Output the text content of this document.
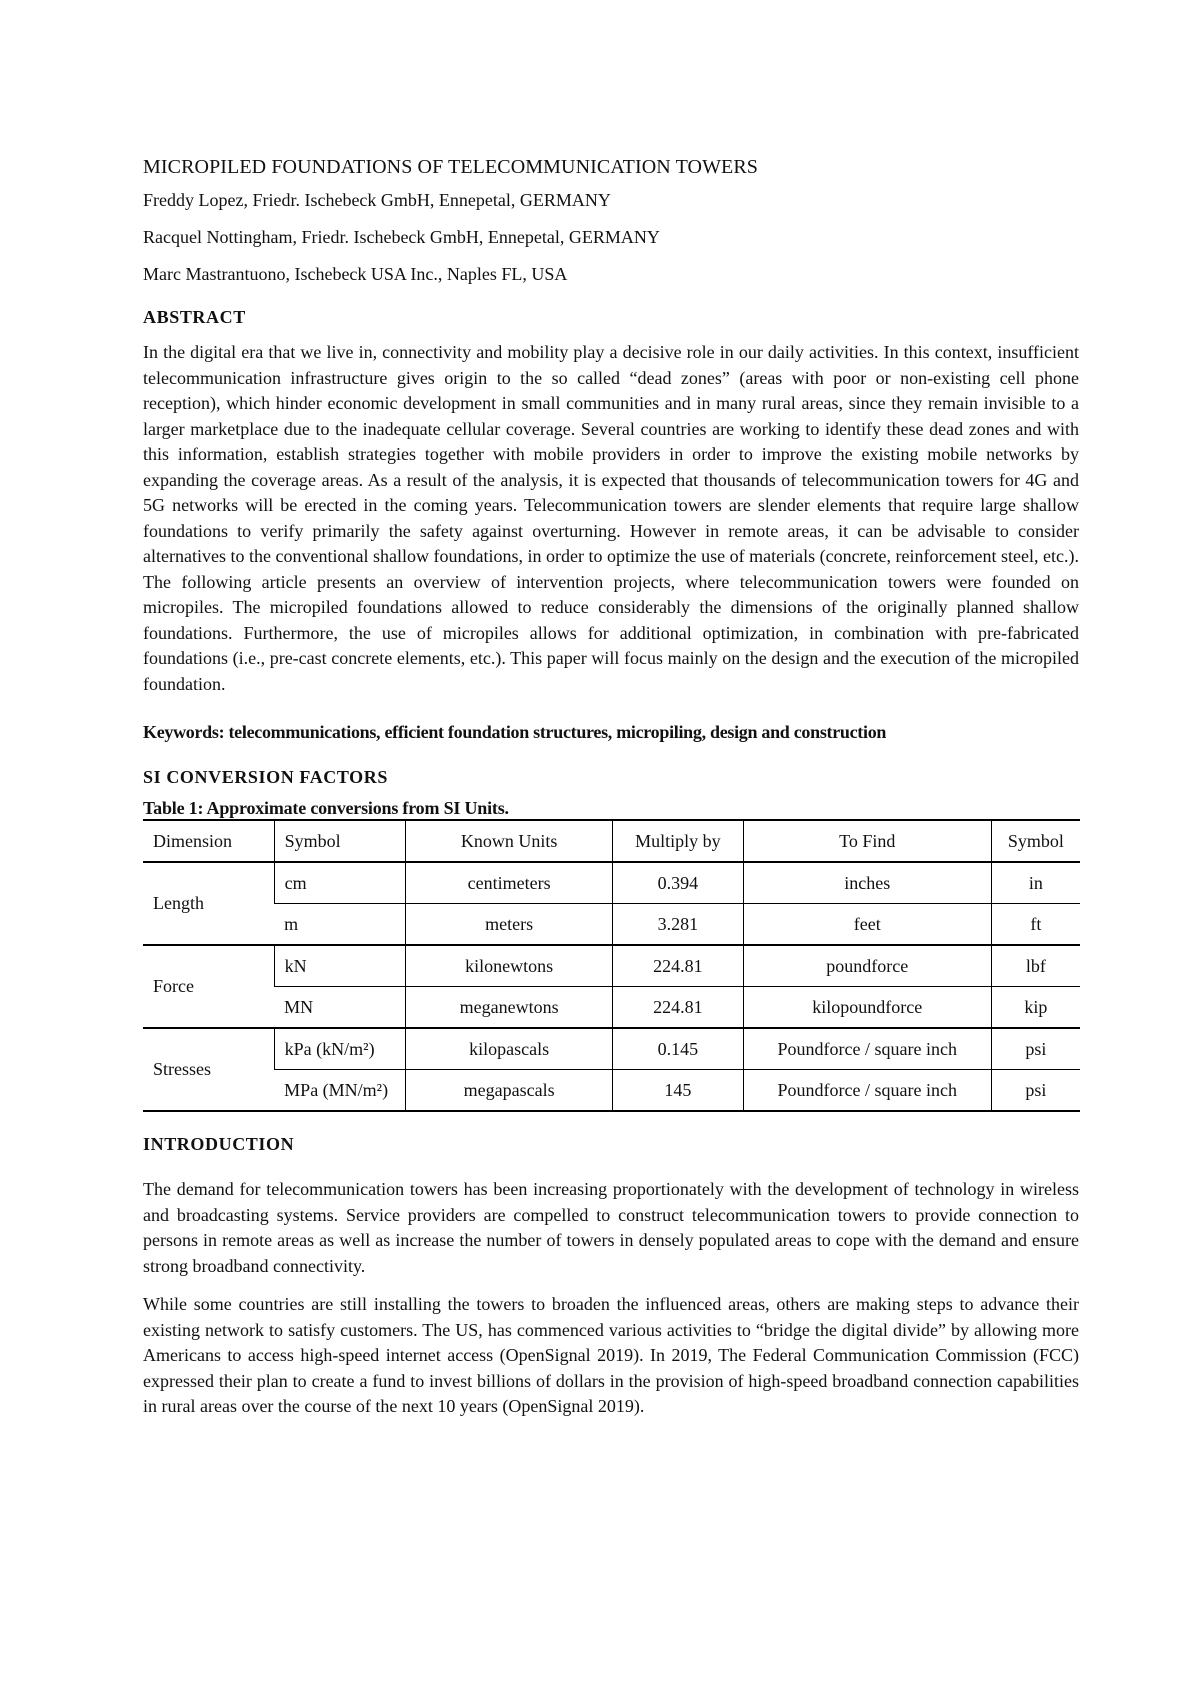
MICROPILED FOUNDATIONS OF TELECOMMUNICATION TOWERS
Freddy Lopez, Friedr. Ischebeck GmbH, Ennepetal, GERMANY
Racquel Nottingham, Friedr. Ischebeck GmbH, Ennepetal, GERMANY
Marc Mastrantuono, Ischebeck USA Inc., Naples FL, USA
ABSTRACT

In the digital era that we live in, connectivity and mobility play a decisive role in our daily activities. In this context, insufficient telecommunication infrastructure gives origin to the so called “dead zones” (areas with poor or non-existing cell phone reception), which hinder economic development in small communities and in many rural areas, since they remain invisible to a larger marketplace due to the inadequate cellular coverage. Several countries are working to identify these dead zones and with this information, establish strategies together with mobile providers in order to improve the existing mobile networks by expanding the coverage areas. As a result of the analysis, it is expected that thousands of telecommunication towers for 4G and 5G networks will be erected in the coming years. Telecommunication towers are slender elements that require large shallow foundations to verify primarily the safety against overturning. However in remote areas, it can be advisable to consider alternatives to the conventional shallow foundations, in order to optimize the use of materials (concrete, reinforcement steel, etc.). The following article presents an overview of intervention projects, where telecommunication towers were founded on micropiles. The micropiled foundations allowed to reduce considerably the dimensions of the originally planned shallow foundations. Furthermore, the use of micropiles allows for additional optimization, in combination with pre-fabricated foundations (i.e., pre-cast concrete elements, etc.). This paper will focus mainly on the design and the execution of the micropiled foundation.

Keywords: telecommunications, efficient foundation structures, micropiling, design and construction
SI CONVERSION FACTORS
Table 1: Approximate conversions from SI Units.
Dimension	Symbol	Known Units	Multiply by	To Find	Symbol
Length	cm	centimeters	0.394	inches	in
	m	meters	3.281	feet	ft
Force	kN	kilonewtons	224.81	poundforce	lbf
	MN	meganewtons	224.81	kilopoundforce	kip
Stresses	kPa (kN/m²)	kilopascals	0.145	Poundforce / square inch	psi
	MPa (MN/m²)	megapascals	145	Poundforce / square inch	psi
INTRODUCTION

The demand for telecommunication towers has been increasing proportionately with the development of technology in wireless and broadcasting systems. Service providers are compelled to construct telecommunication towers to provide connection to persons in remote areas as well as increase the number of towers in densely populated areas to cope with the demand and ensure strong broadband connectivity.

While some countries are still installing the towers to broaden the influenced areas, others are making steps to advance their existing network to satisfy customers. The US, has commenced various activities to “bridge the digital divide” by allowing more Americans to access high-speed internet access (OpenSignal 2019). In 2019, The Federal Communication Commission (FCC) expressed their plan to create a fund to invest billions of dollars in the provision of high-speed broadband connection capabilities in rural areas over the course of the next 10 years (OpenSignal 2019).
